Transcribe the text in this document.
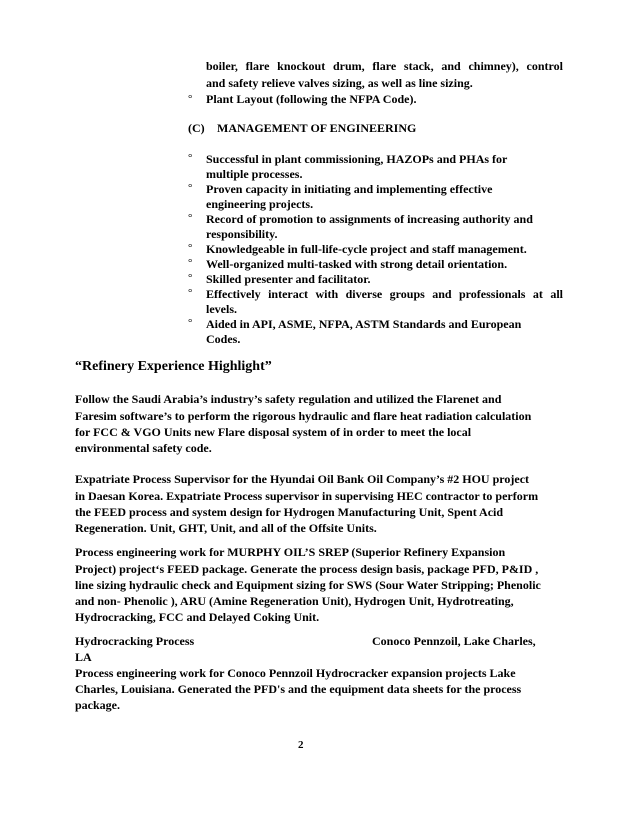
boiler, flare knockout drum, flare stack, and chimney), control
and safety relieve valves sizing, as well as line sizing.
° Plant Layout (following the NFPA Code).
(C) MANAGEMENT OF ENGINEERING
° Successful in plant commissioning, HAZOPs and PHAs for
multiple processes.
° Proven capacity in initiating and implementing effective
engineering projects.
° Record of promotion to assignments of increasing authority and
responsibility.
° Knowledgeable in full-life-cycle project and staff management.
° Well-organized multi-tasked with strong detail orientation.
° Skilled presenter and facilitator.
° Effectively interact with diverse groups and professionals at all
levels.
° Aided in API, ASME, NFPA, ASTM Standards and European
Codes.
“Refinery Experience Highlight”
Follow the Saudi Arabia’s industry’s safety regulation and utilized the Flarenet and
Faresim software’s to perform the rigorous hydraulic and flare heat radiation calculation
for FCC & VGO Units new Flare disposal system of in order to meet the local
environmental safety code.
Expatriate Process Supervisor for the Hyundai Oil Bank Oil Company’s #2 HOU project
in Daesan Korea. Expatriate Process supervisor in supervising HEC contractor to perform
the FEED process and system design for Hydrogen Manufacturing Unit, Spent Acid
Regeneration. Unit, GHT, Unit, and all of the Offsite Units.
Process engineering work for MURPHY OIL’S SREP (Superior Refinery Expansion
Project) project‘s FEED package. Generate the process design basis, package PFD, P&ID ,
line sizing hydraulic check and Equipment sizing for SWS (Sour Water Stripping; Phenolic
and non- Phenolic ), ARU (Amine Regeneration Unit), Hydrogen Unit, Hydrotreating,
Hydrocracking, FCC and Delayed Coking Unit.
Hydrocracking Process	Conoco Pennzoil, Lake Charles,
LA
Process engineering work for Conoco Pennzoil Hydrocracker expansion projects Lake
Charles, Louisiana. Generated the PFD's and the equipment data sheets for the process
package.
2
